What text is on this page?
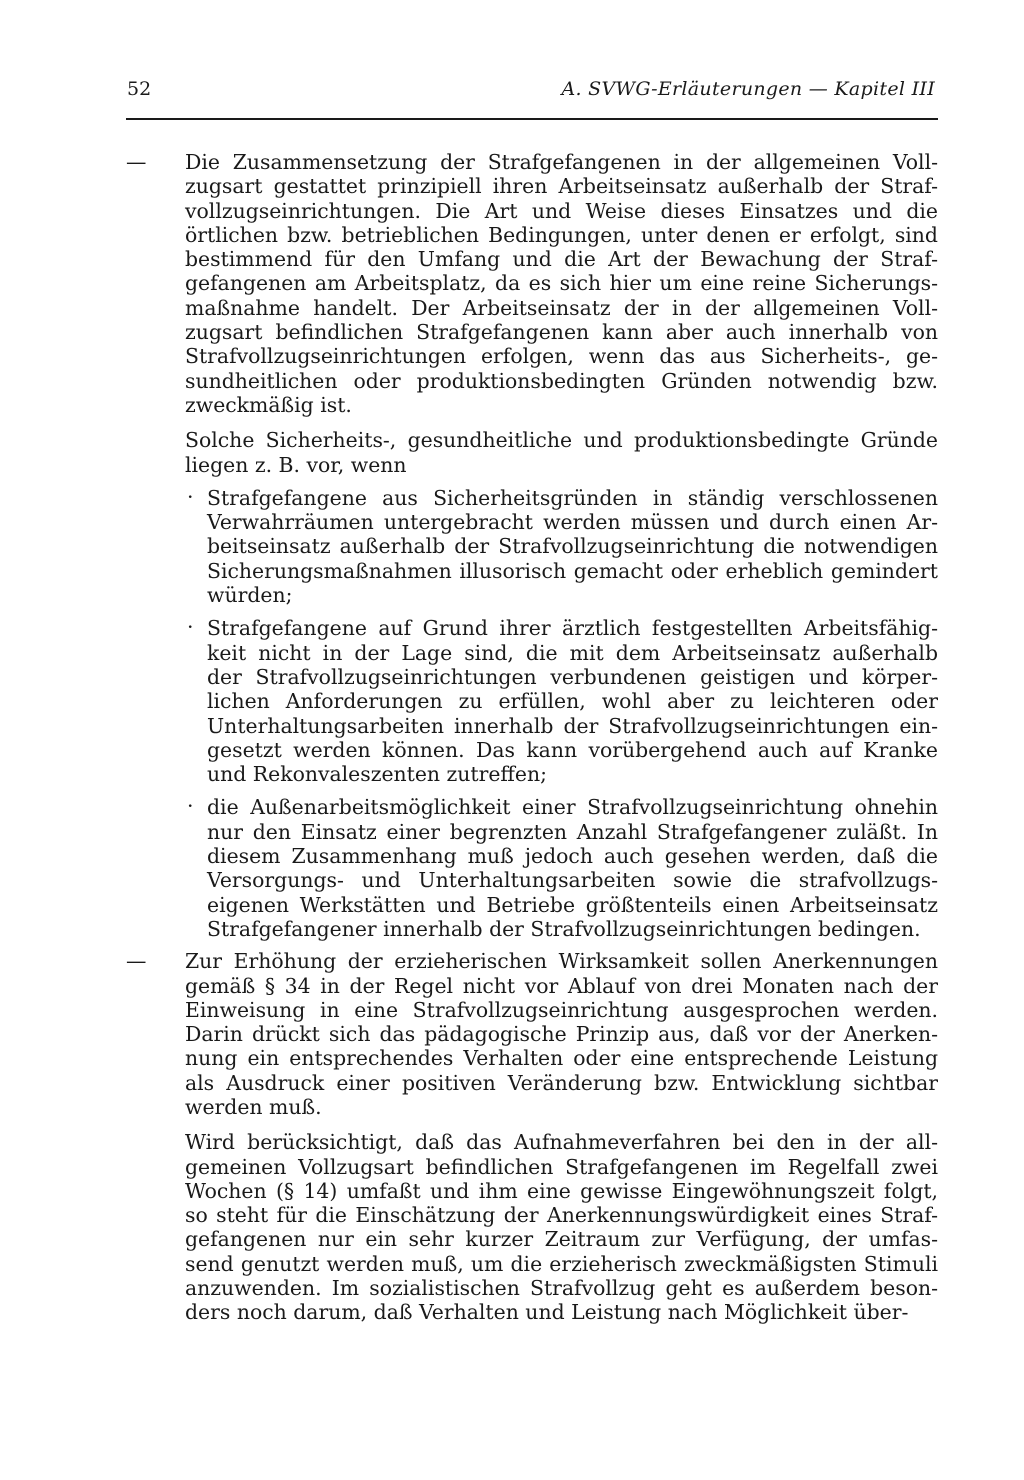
52	A. SVWG-Erläuterungen — Kapitel III
— Die Zusammensetzung der Strafgefangenen in der allgemeinen Voll-

zugsart gestattet prinzipiell ihren Arbeitseinsatz außerhalb der Straf-

vollzugseinrichtungen. Die Art und Weise dieses Einsatzes und die

örtlichen bzw. betrieblichen Bedingungen, unter denen er erfolgt, sind

bestimmend für den Umfang und die Art der Bewachung der Straf-

gefangenen am Arbeitsplatz, da es sich hier um eine reine Sicherungs-

maßnahme handelt. Der Arbeitseinsatz der in der allgemeinen Voll-

zugsart befindlichen Strafgefangenen kann aber auch innerhalb von

Strafvollzugseinrichtungen erfolgen, wenn das aus Sicherheits-, ge-

sundheitlichen oder produktionsbedingten Gründen notwendig bzw.

zweckmäßig ist.

Solche Sicherheits-, gesundheitliche und produktionsbedingte Gründe

liegen z. B. vor, wenn

· Strafgefangene aus Sicherheitsgründen in ständig verschlossenen

Verwahrräumen untergebracht werden müssen und durch einen Ar-

beitseinsatz außerhalb der Strafvollzugseinrichtung die notwendigen

Sicherungsmaßnahmen illusorisch gemacht oder erheblich gemindert

würden;

· Strafgefangene auf Grund ihrer ärztlich festgestellten Arbeitsfähig-

keit nicht in der Lage sind, die mit dem Arbeitseinsatz außerhalb

der Strafvollzugseinrichtungen verbundenen geistigen und körper-

lichen Anforderungen zu erfüllen, wohl aber zu leichteren oder

Unterhaltungsarbeiten innerhalb der Strafvollzugseinrichtungen ein-

gesetzt werden können. Das kann vorübergehend auch auf Kranke

und Rekonvaleszenten zutreffen;

· die Außenarbeitsmöglichkeit einer Strafvollzugseinrichtung ohnehin

nur den Einsatz einer begrenzten Anzahl Strafgefangener zuläßt. In

diesem Zusammenhang muß jedoch auch gesehen werden, daß die

Versorgungs- und Unterhaltungsarbeiten sowie die strafvollzugs-

eigenen Werkstätten und Betriebe größtenteils einen Arbeitseinsatz

Strafgefangener innerhalb der Strafvollzugseinrichtungen bedingen.

— Zur Erhöhung der erzieherischen Wirksamkeit sollen Anerkennungen

gemäß § 34 in der Regel nicht vor Ablauf von drei Monaten nach der

Einweisung in eine Strafvollzugseinrichtung ausgesprochen werden.

Darin drückt sich das pädagogische Prinzip aus, daß vor der Anerken-

nung ein entsprechendes Verhalten oder eine entsprechende Leistung

als Ausdruck einer positiven Veränderung bzw. Entwicklung sichtbar

werden muß.

Wird berücksichtigt, daß das Aufnahmeverfahren bei den in der all-

gemeinen Vollzugsart befindlichen Strafgefangenen im Regelfall zwei

Wochen (§ 14) umfaßt und ihm eine gewisse Eingewöhnungszeit folgt,

so steht für die Einschätzung der Anerkennungswürdigkeit eines Straf-

gefangenen nur ein sehr kurzer Zeitraum zur Verfügung, der umfas-

send genutzt werden muß, um die erzieherisch zweckmäßigsten Stimuli

anzuwenden. Im sozialistischen Strafvollzug geht es außerdem beson-

ders noch darum, daß Verhalten und Leistung nach Möglichkeit über-
